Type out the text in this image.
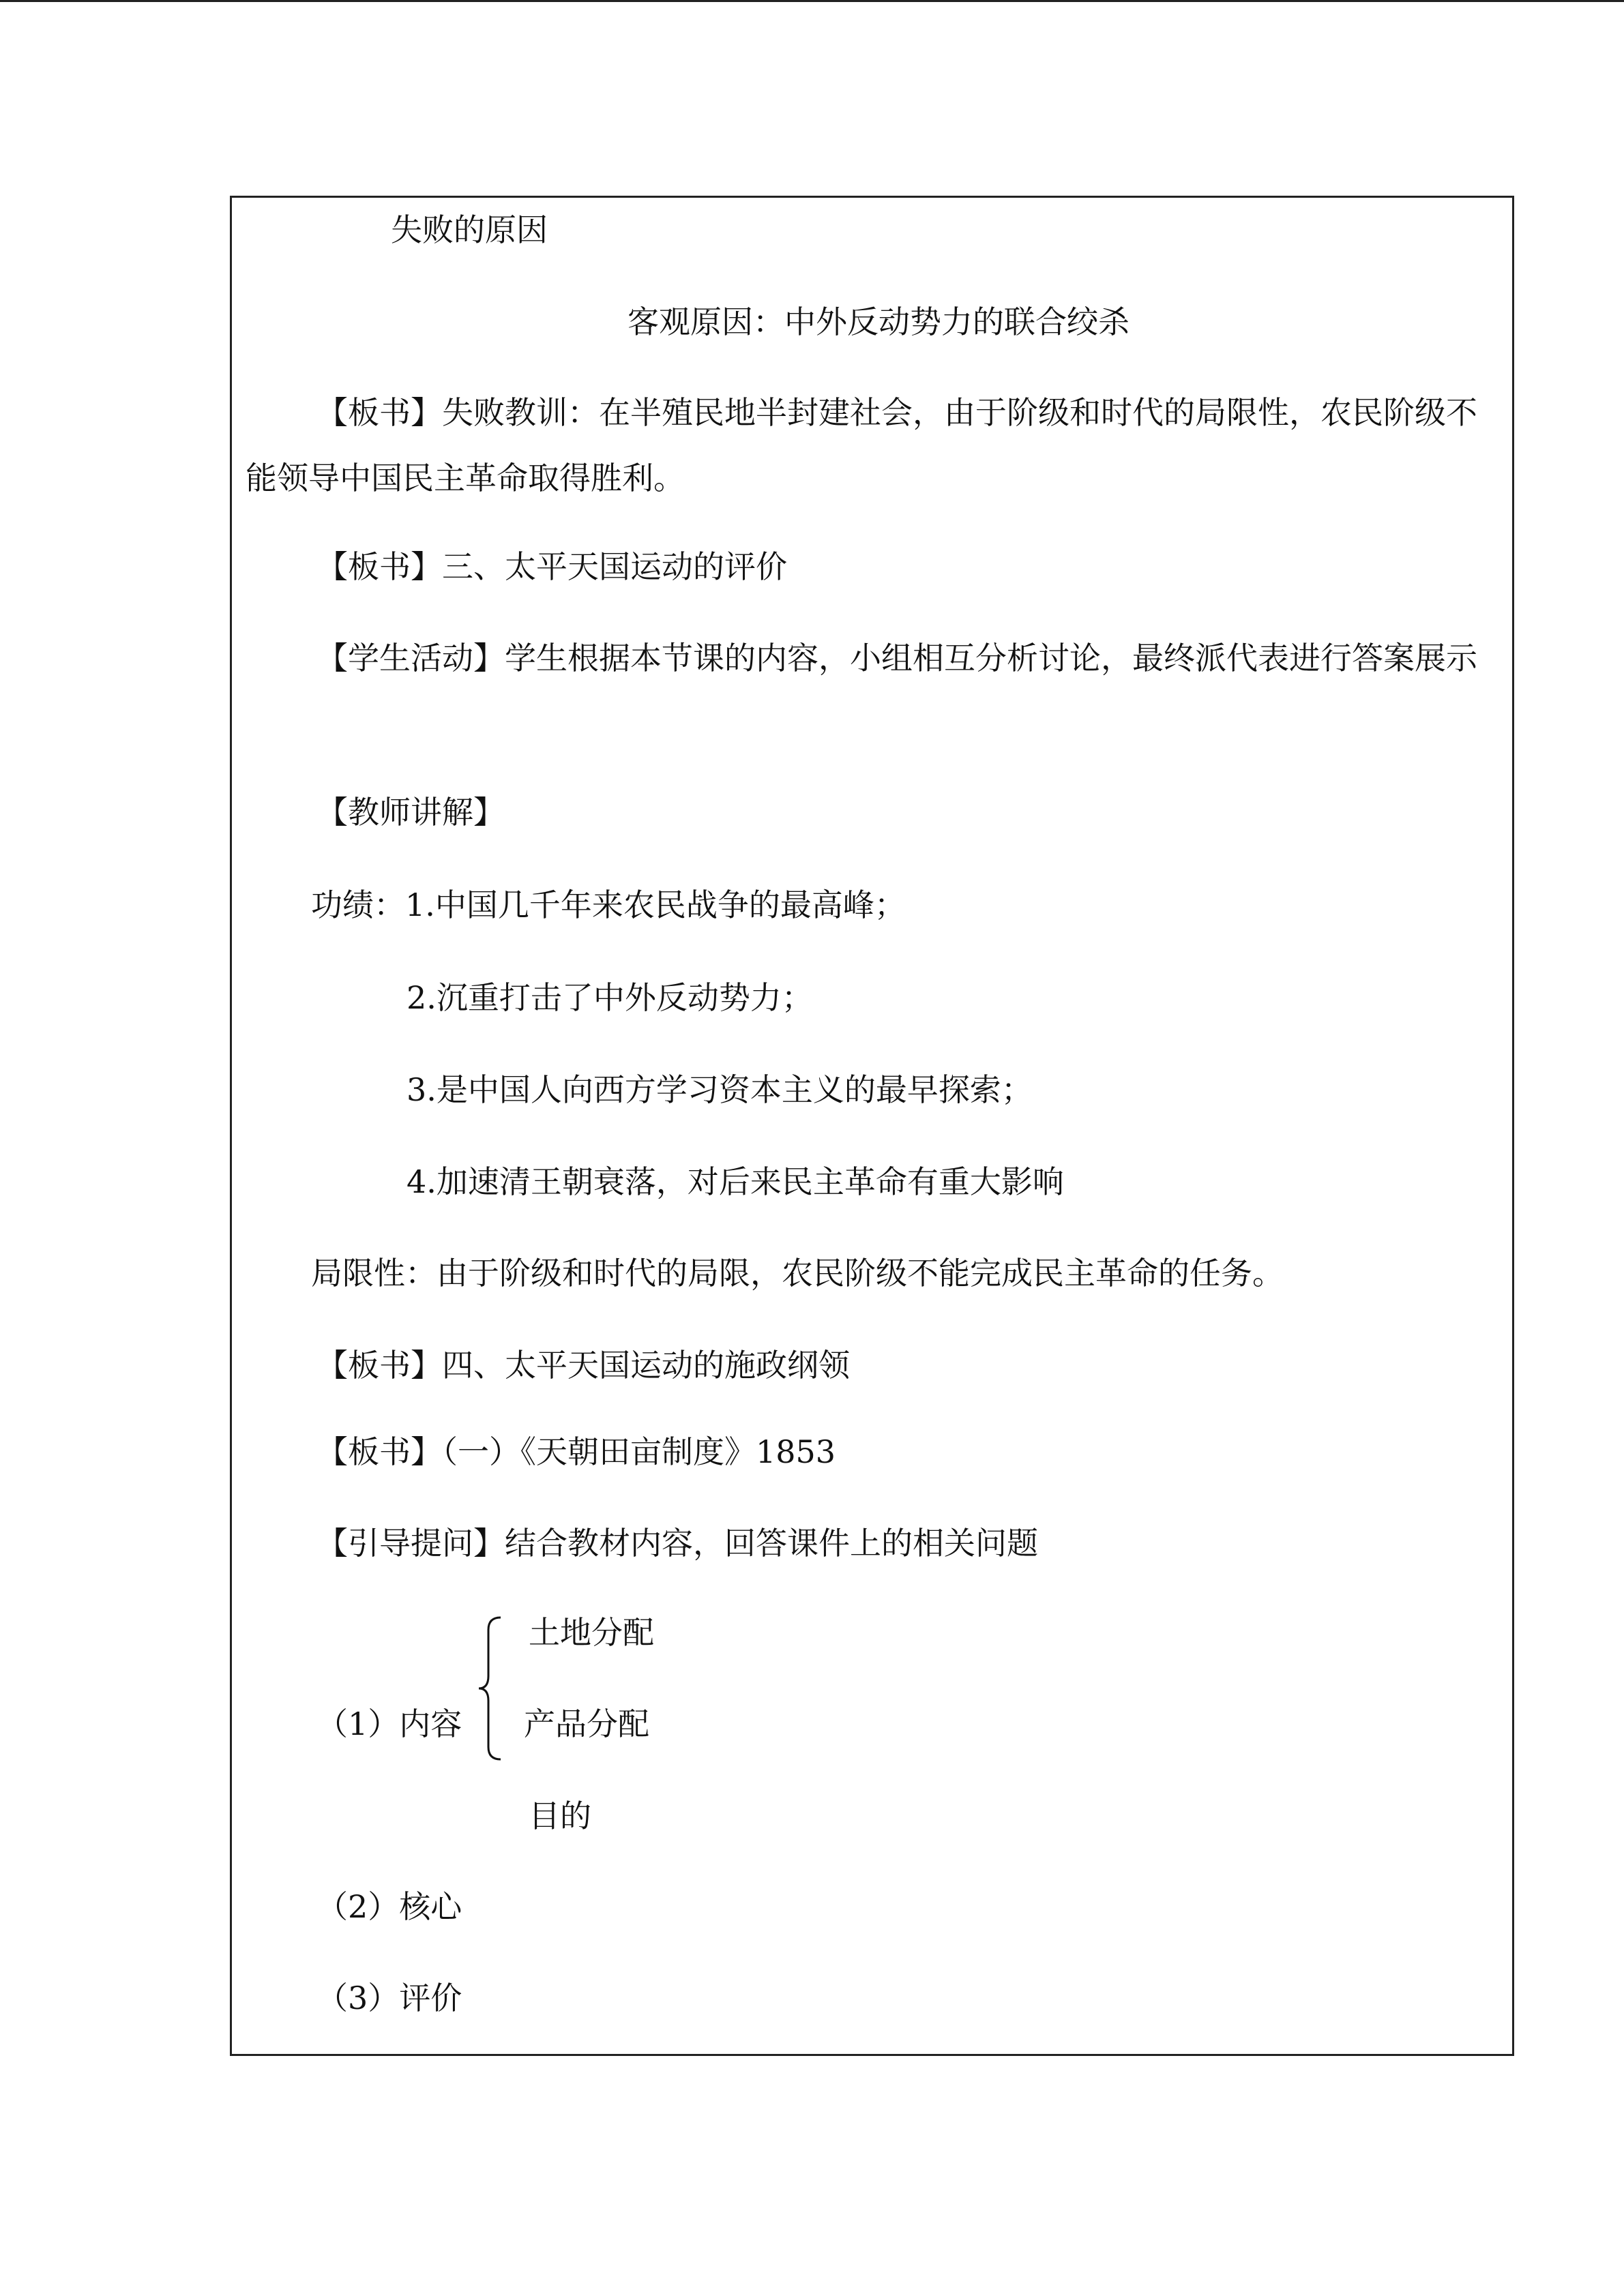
失败的原因
客观原因：中外反动势力的联合绞杀
【板书】失败教训：在半殖民地半封建社会，由于阶级和时代的局限性，农民阶级不能领导中国民主革命取得胜利。
【板书】三、太平天国运动的评价
【学生活动】学生根据本节课的内容，小组相互分析讨论，最终派代表进行答案展示
【教师讲解】
功绩：1.中国几千年来农民战争的最高峰；
2.沉重打击了中外反动势力；
3.是中国人向西方学习资本主义的最早探索；
4.加速清王朝衰落，对后来民主革命有重大影响
局限性：由于阶级和时代的局限，农民阶级不能完成民主革命的任务。
【板书】四、太平天国运动的施政纲领
【板书】（一）《天朝田亩制度》1853
【引导提问】结合教材内容，回答课件上的相关问题
土地分配
（1）内容 产品分配
目的
（2）核心
（3）评价
